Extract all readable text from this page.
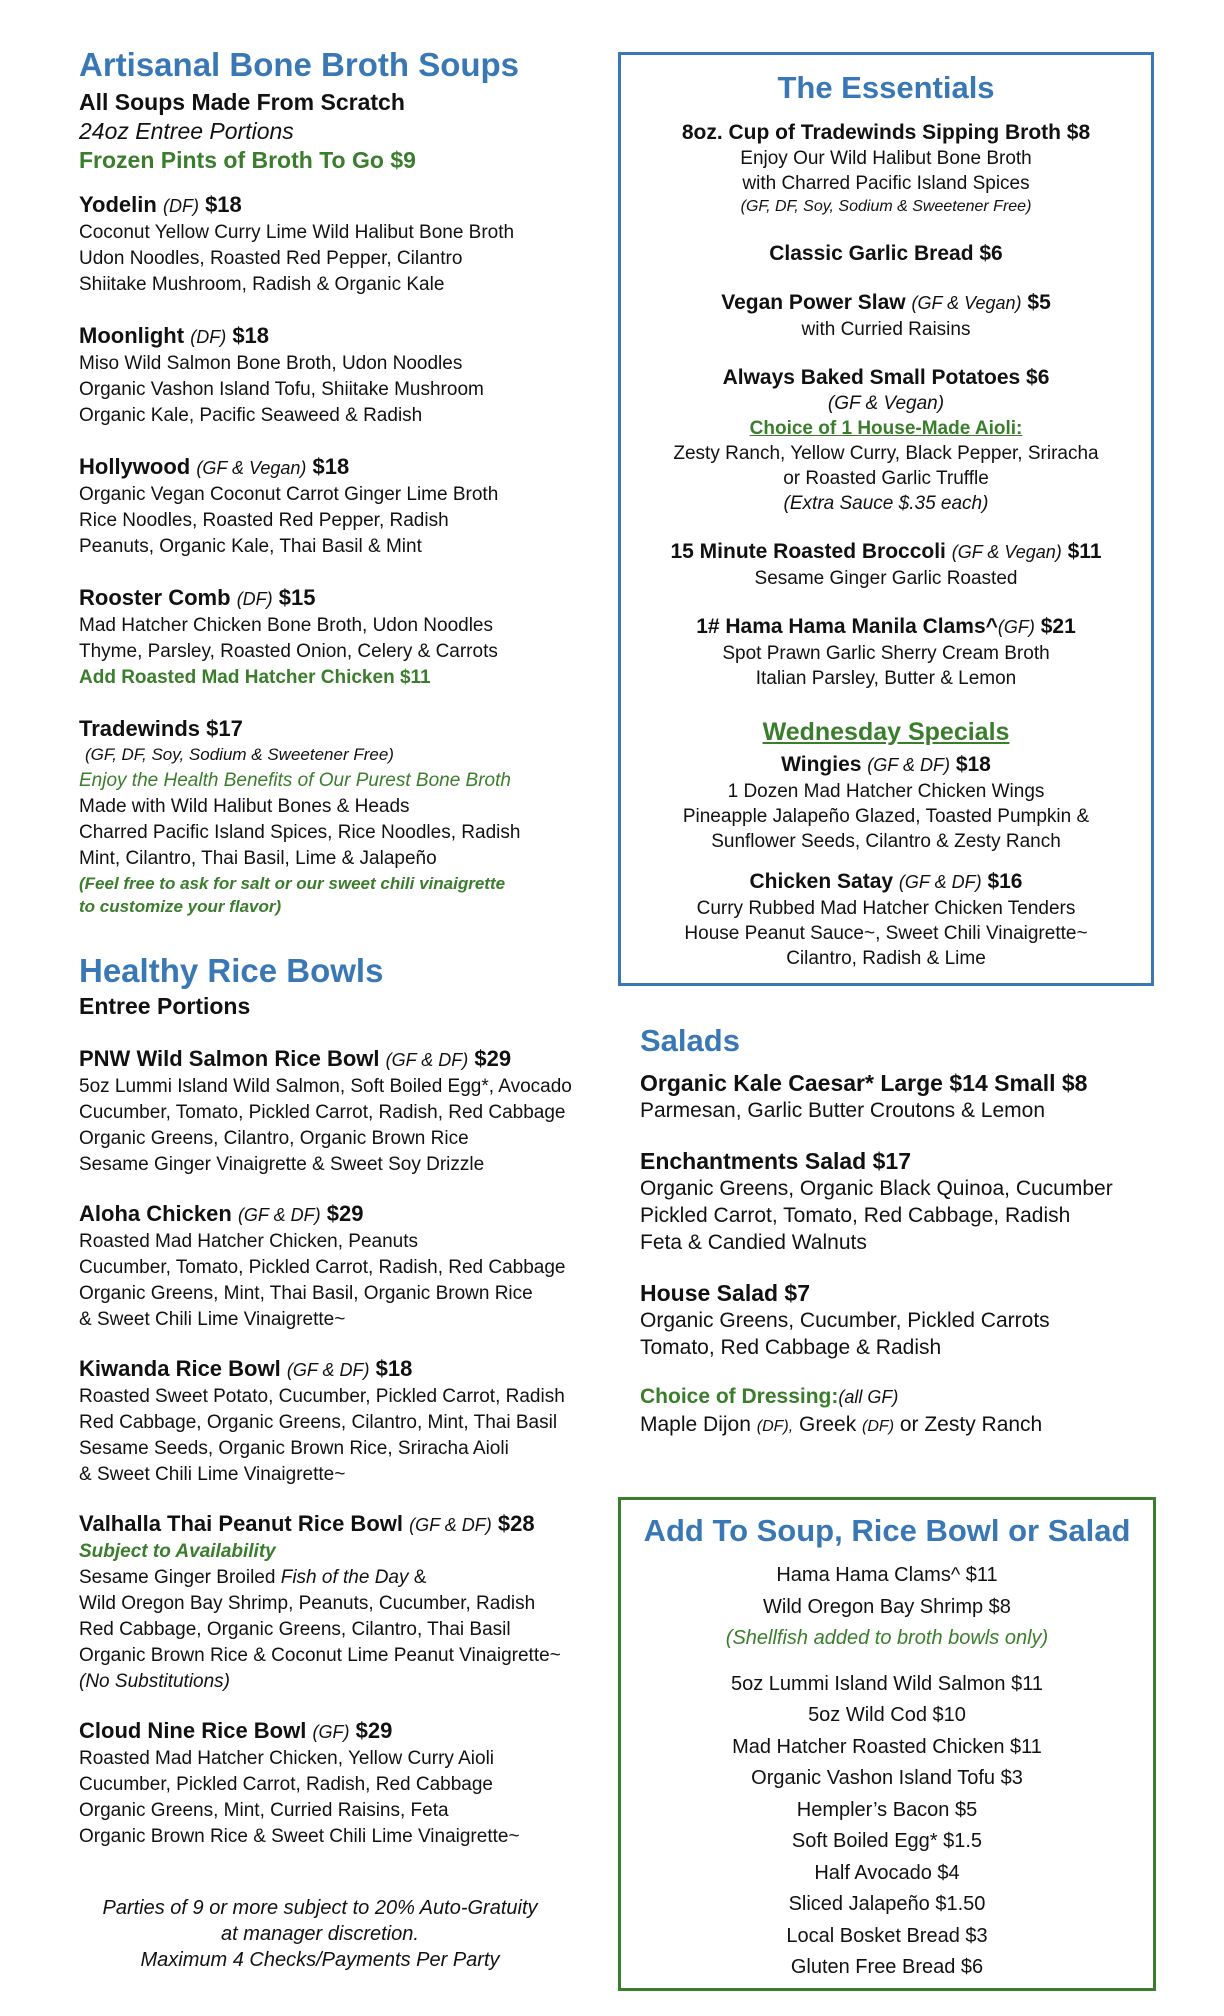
Artisanal Bone Broth Soups
All Soups Made From Scratch
24oz Entree Portions
Frozen Pints of Broth To Go $9
Yodelin (DF) $18
Coconut Yellow Curry Lime Wild Halibut Bone Broth
Udon Noodles, Roasted Red Pepper, Cilantro
Shiitake Mushroom, Radish & Organic Kale
Moonlight (DF) $18
Miso Wild Salmon Bone Broth, Udon Noodles
Organic Vashon Island Tofu, Shiitake Mushroom
Organic Kale, Pacific Seaweed & Radish
Hollywood (GF & Vegan) $18
Organic Vegan Coconut Carrot Ginger Lime Broth
Rice Noodles, Roasted Red Pepper, Radish
Peanuts, Organic Kale, Thai Basil & Mint
Rooster Comb (DF) $15
Mad Hatcher Chicken Bone Broth, Udon Noodles
Thyme, Parsley, Roasted Onion, Celery & Carrots
Add Roasted Mad Hatcher Chicken $11
Tradewinds $17
(GF, DF, Soy, Sodium & Sweetener Free)
Enjoy the Health Benefits of Our Purest Bone Broth
Made with Wild Halibut Bones & Heads
Charred Pacific Island Spices, Rice Noodles, Radish
Mint, Cilantro, Thai Basil, Lime & Jalapeño
(Feel free to ask for salt or our sweet chili vinaigrette
to customize your flavor)
Healthy Rice Bowls
Entree Portions
PNW Wild Salmon Rice Bowl (GF & DF) $29
5oz Lummi Island Wild Salmon, Soft Boiled Egg*, Avocado
Cucumber, Tomato, Pickled Carrot, Radish, Red Cabbage
Organic Greens, Cilantro, Organic Brown Rice
Sesame Ginger Vinaigrette & Sweet Soy Drizzle
Aloha Chicken (GF & DF) $29
Roasted Mad Hatcher Chicken, Peanuts
Cucumber, Tomato, Pickled Carrot, Radish, Red Cabbage
Organic Greens, Mint, Thai Basil, Organic Brown Rice
& Sweet Chili Lime Vinaigrette~
Kiwanda Rice Bowl (GF & DF) $18
Roasted Sweet Potato, Cucumber, Pickled Carrot, Radish
Red Cabbage, Organic Greens, Cilantro, Mint, Thai Basil
Sesame Seeds, Organic Brown Rice, Sriracha Aioli
& Sweet Chili Lime Vinaigrette~
Valhalla Thai Peanut Rice Bowl (GF & DF) $28
Subject to Availability
Sesame Ginger Broiled Fish of the Day &
Wild Oregon Bay Shrimp, Peanuts, Cucumber, Radish
Red Cabbage, Organic Greens, Cilantro, Thai Basil
Organic Brown Rice & Coconut Lime Peanut Vinaigrette~
(No Substitutions)
Cloud Nine Rice Bowl (GF) $29
Roasted Mad Hatcher Chicken, Yellow Curry Aioli
Cucumber, Pickled Carrot, Radish, Red Cabbage
Organic Greens, Mint, Curried Raisins, Feta
Organic Brown Rice & Sweet Chili Lime Vinaigrette~
Parties of 9 or more subject to 20% Auto-Gratuity
at manager discretion.
Maximum 4 Checks/Payments Per Party
The Essentials
8oz. Cup of Tradewinds Sipping Broth $8
Enjoy Our Wild Halibut Bone Broth
with Charred Pacific Island Spices
(GF, DF, Soy, Sodium & Sweetener Free)
Classic Garlic Bread $6
Vegan Power Slaw (GF & Vegan) $5
with Curried Raisins
Always Baked Small Potatoes $6
(GF & Vegan)
Choice of 1 House-Made Aioli:
Zesty Ranch, Yellow Curry, Black Pepper, Sriracha
or Roasted Garlic Truffle
(Extra Sauce $.35 each)
15 Minute Roasted Broccoli (GF & Vegan) $11
Sesame Ginger Garlic Roasted
1# Hama Hama Manila Clams^(GF) $21
Spot Prawn Garlic Sherry Cream Broth
Italian Parsley, Butter & Lemon
Wednesday Specials
Wingies (GF & DF) $18
1 Dozen Mad Hatcher Chicken Wings
Pineapple Jalapeño Glazed, Toasted Pumpkin &
Sunflower Seeds, Cilantro & Zesty Ranch
Chicken Satay (GF & DF) $16
Curry Rubbed Mad Hatcher Chicken Tenders
House Peanut Sauce~, Sweet Chili Vinaigrette~
Cilantro, Radish & Lime
Salads
Organic Kale Caesar* Large $14 Small $8
Parmesan, Garlic Butter Croutons & Lemon
Enchantments Salad $17
Organic Greens, Organic Black Quinoa, Cucumber
Pickled Carrot, Tomato, Red Cabbage, Radish
Feta & Candied Walnuts
House Salad $7
Organic Greens, Cucumber, Pickled Carrots
Tomato, Red Cabbage & Radish
Choice of Dressing:(all GF)
Maple Dijon (DF), Greek (DF) or Zesty Ranch
Add To Soup, Rice Bowl or Salad
Hama Hama Clams^ $11
Wild Oregon Bay Shrimp $8
(Shellfish added to broth bowls only)
5oz Lummi Island Wild Salmon $11
5oz Wild Cod $10
Mad Hatcher Roasted Chicken $11
Organic Vashon Island Tofu $3
Hempler’s Bacon $5
Soft Boiled Egg* $1.5
Half Avocado $4
Sliced Jalapeño $1.50
Local Bosket Bread $3
Gluten Free Bread $6
